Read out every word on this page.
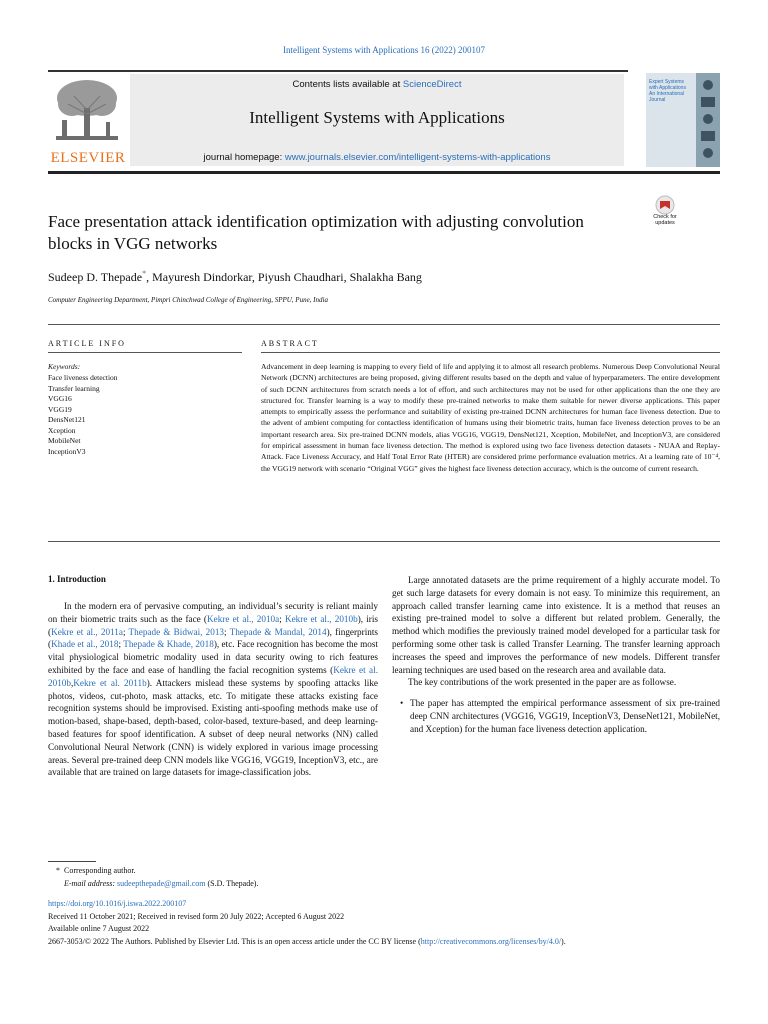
Intelligent Systems with Applications 16 (2022) 200107
ELSEVIER
Contents lists available at ScienceDirect
Intelligent Systems with Applications
journal homepage: www.journals.elsevier.com/intelligent-systems-with-applications
Expert Systems with Applications An International Journal
Check for updates
Face presentation attack identification optimization with adjusting convolution blocks in VGG networks
Sudeep D. Thepade*, Mayuresh Dindorkar, Piyush Chaudhari, Shalakha Bang
Computer Engineering Department, Pimpri Chinchwad College of Engineering, SPPU, Pune, India
ARTICLE INFO
Keywords:
Face liveness detection
Transfer learning
VGG16
VGG19
DensNet121
Xception
MobileNet
InceptionV3
ABSTRACT
Advancement in deep learning is mapping to every field of life and applying it to almost all research problems. Numerous Deep Convolutional Neural Network (DCNN) architectures are being proposed, giving different results based on the depth and value of hyperparameters. The entire development of such DCNN architectures from scratch needs a lot of effort, and such architectures may not be used for other applications than the one they are structured for. Transfer learning is a way to modify these pre-trained networks to make them suitable for newer diverse applications. This paper attempts to empirically assess the performance and suitability of existing pre-trained DCNN architectures for human face liveness detection. Due to the advent of ambient computing for contactless identification of humans using their biometric traits, human face liveness detection proves to be an important research area. Six pre-trained DCNN models, alias VGG16, VGG19, DensNet121, Xception, MobileNet, and InceptionV3, are considered for empirical assessment in human face liveness detection. The method is explored using two face liveness detection datasets - NUAA and Replay-Attack. Face Liveness Accuracy, and Half Total Error Rate (HTER) are considered prime performance evaluation metrics. At a learning rate of 10⁻⁴, the VGG19 network with scenario “Original VGG” gives the highest face liveness detection accuracy, which is the outcome of current research.
1. Introduction

In the modern era of pervasive computing, an individual’s security is reliant mainly on their biometric traits such as the face (Kekre et al., 2010a; Kekre et al., 2010b), iris (Kekre et al., 2011a; Thepade & Bidwai, 2013; Thepade & Mandal, 2014), fingerprints (Khade et al., 2018; Thepade & Khade, 2018), etc. Face recognition has become the most vital physiological biometric modality used in data security owing to rich features exhibited by the face and ease of handling the facial recognition systems (Kekre et al. 2010b,Kekre et al. 2011b). Attackers mislead these systems by spoofing attacks like photos, videos, cut-photo, mask attacks, etc. To mitigate these attacks existing face recognition systems should be improvised. Existing anti-spoofing methods make use of motion-based, shape-based, depth-based, color-based, texture-based, and deep learning-based features for spoof identification. A subset of deep neural networks (NN) called Convolutional Neural Network (CNN) is widely explored in various image processing areas. Several pre-trained deep CNN models like VGG16, VGG19, InceptionV3, etc., are available that are trained on large datasets for image-classification jobs.

Large annotated datasets are the prime requirement of a highly accurate model. To get such large datasets for every domain is not easy. To minimize this requirement, an approach called transfer learning came into existence. It is a method that reuses an existing pre-trained model to solve a different but related problem. Generally, the method which modifies the previously trained model developed for a particular task for performing some other task is called Transfer Learning. The transfer learning approach increases the speed and improves the performance of new models. Different transfer learning techniques are used based on the research area and available data.

The key contributions of the work presented in the paper are as followse.

• The paper has attempted the empirical performance assessment of six pre-trained deep CNN architectures (VGG16, VGG19, InceptionV3, DenseNet121, MobileNet, and Xception) for the human face liveness detection application.
* Corresponding author.
E-mail address: sudeepthepade@gmail.com (S.D. Thepade).
https://doi.org/10.1016/j.iswa.2022.200107
Received 11 October 2021; Received in revised form 20 July 2022; Accepted 6 August 2022
Available online 7 August 2022
2667-3053/© 2022 The Authors. Published by Elsevier Ltd. This is an open access article under the CC BY license (http://creativecommons.org/licenses/by/4.0/).
